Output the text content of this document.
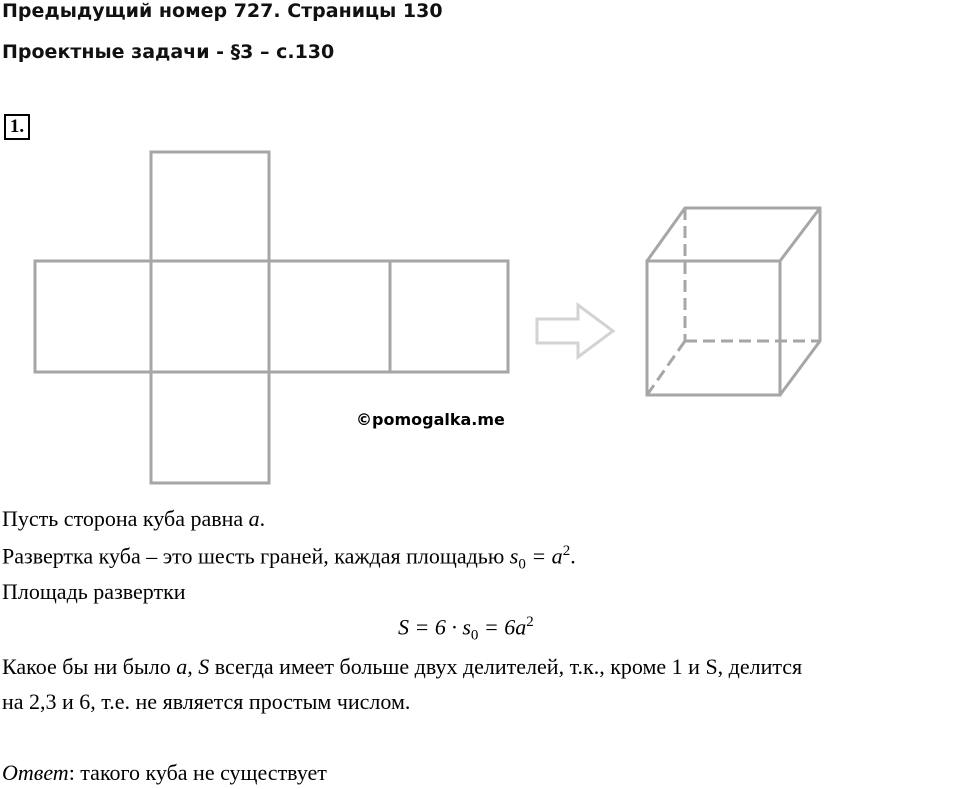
Предыдущий номер 727. Страницы 130
Проектные задачи - §3 – с.130
1.
©pomogalka.me

Пусть сторона куба равна a.

Развертка куба – это шесть граней, каждая площадью $s_0 = a^2$.

Площадь развертки

$S = 6 \cdot s_0 = 6a^2$

Какое бы ни было a, S всегда имеет больше двух делителей, т.к., кроме 1 и S, делится

на 2,3 и 6, т.е. не является простым числом.

Ответ: такого куба не существует
